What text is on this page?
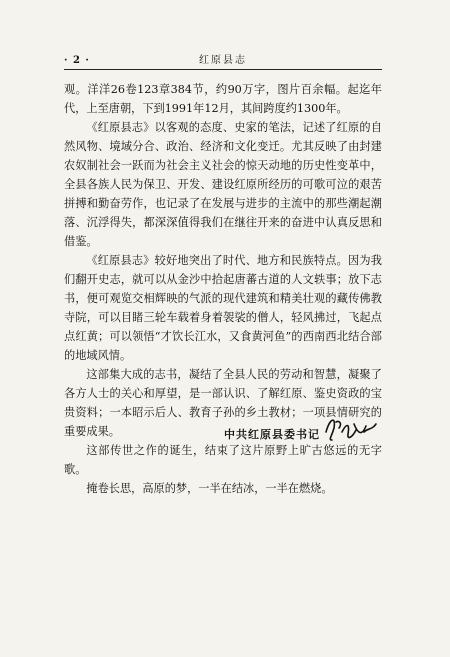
· 2 ·	红原县志

观。洋洋26卷123章384节，约90万字，图片百余幅。起迄年代，上至唐朝，下到1991年12月，其间跨度约1300年。

《红原县志》以客观的态度、史家的笔法，记述了红原的自然风物、境域分合、政治、经济和文化变迁。尤其反映了由封建农奴制社会一跃而为社会主义社会的惊天动地的历史性变革中，全县各族人民为保卫、开发、建设红原所经历的可歌可泣的艰苦拼搏和勤奋劳作，也记录了在发展与进步的主流中的那些潮起潮落、沉浮得失，都深深值得我们在继往开来的奋进中认真反思和借鉴。

《红原县志》较好地突出了时代、地方和民族特点。因为我们翻开史志，就可以从金沙中拾起唐蕃古道的人文轶事；放下志书，便可观览交相辉映的气派的现代建筑和精美壮观的藏传佛教寺院，可以目睹三轮车载着身着袈裟的僧人，轻风拂过，飞起点点红黄；可以领悟“才饮长江水，又食黄河鱼”的西南西北结合部的地域风情。

这部集大成的志书，凝结了全县人民的劳动和智慧，凝聚了各方人士的关心和厚望，是一部认识、了解红原、鉴史资政的宝贵资料；一本昭示后人、教育子孙的乡土教材；一项县情研究的重要成果。

这部传世之作的诞生，结束了这片原野上旷古悠远的无字歌。

掩卷长思，高原的梦，一半在结冰，一半在燃烧。

中共红原县委书记
